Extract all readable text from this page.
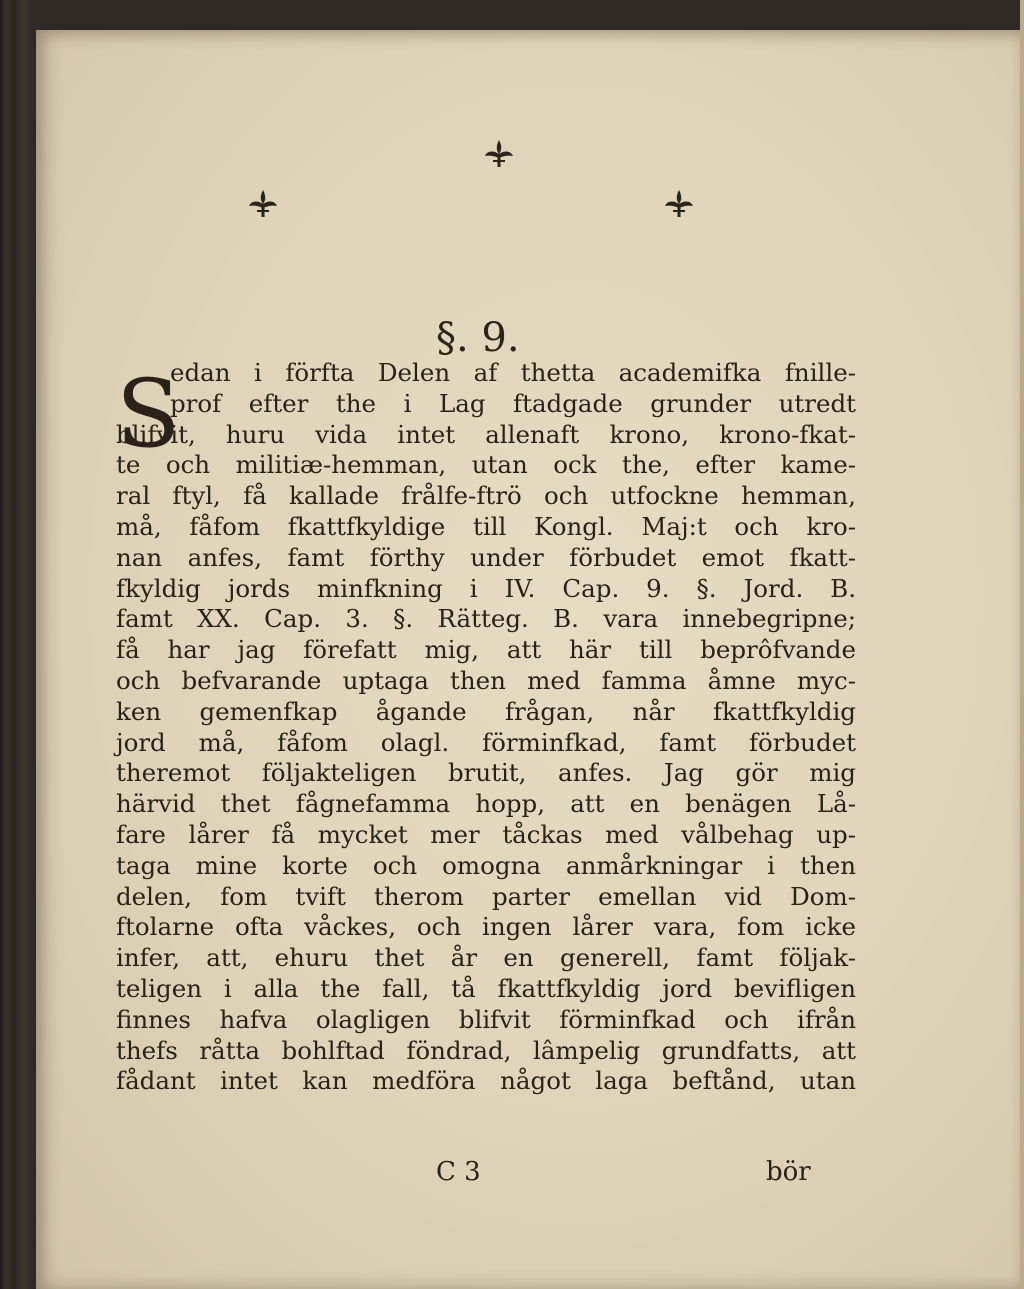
§. 9.
S
edan i förfta Delen af thetta academifka fnille-
prof efter the i Lag ftadgade grunder utredt
blifvit, huru vida intet allenaft krono, krono-fkat-
te och militiæ-hemman, utan ock the, efter kame-
ral ftyl, få kallade frålfe-ftrö och utfockne hemman,
må, fåfom fkattfkyldige till Kongl. Maj:t och kro-
nan anfes, famt förthy under förbudet emot fkatt-
fkyldig jords minfkning i IV. Cap. 9. §. Jord. B.
famt XX. Cap. 3. §. Rätteg. B. vara innebegripne;
få har jag förefatt mig, att här till beprôfvande
och befvarande uptaga then med famma åmne myc-
ken gemenfkap ågande frågan, når fkattfkyldig
jord må, fåfom olagl. förminfkad, famt förbudet
theremot följakteligen brutit, anfes. Jag gör mig
härvid thet fågnefamma hopp, att en benägen Lå-
fare lårer få mycket mer tåckas med vålbehag up-
taga mine korte och omogna anmårkningar i then
delen, fom tvift therom parter emellan vid Dom-
ftolarne ofta våckes, och ingen lårer vara, fom icke
infer, att, ehuru thet år en generell, famt följak-
teligen i alla the fall, tå fkattfkyldig jord bevifligen
finnes hafva olagligen blifvit förminfkad och ifrån
thefs råtta bohlftad föndrad, lâmpelig grundfatts, att
fådant intet kan medföra något laga beftånd, utan
C 3	bör
